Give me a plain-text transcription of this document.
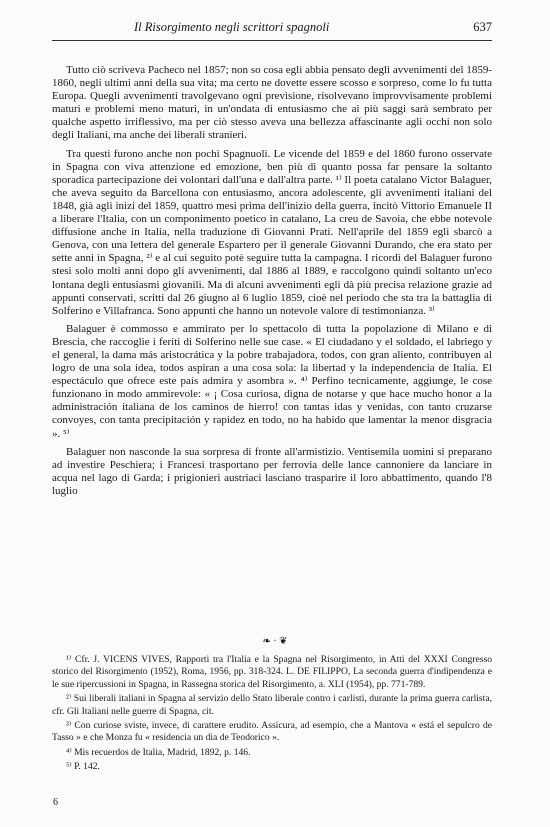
Il Risorgimento negli scrittori spagnoli	637

Tutto ciò scriveva Pacheco nel 1857; non so cosa egli abbia pensato degli avvenimenti del 1859-1860, negli ultimi anni della sua vita; ma certo ne dovette essere scosso e sorpreso, come lo fu tutta Europa. Quegli avvenimenti travolgevano ogni previsione, risolvevano improvvisamente problemi maturi e problemi meno maturi, in un'ondata di entusiasmo che ai più saggi sarà sembrato per qualche aspetto irriflessivo, ma per ciò stesso aveva una bellezza affascinante agli occhi non solo degli Italiani, ma anche dei liberali stranieri.

Tra questi furono anche non pochi Spagnuoli. Le vicende del 1859 e del 1860 furono osservate in Spagna con viva attenzione ed emozione, ben più di quanto possa far pensare la soltanto sporadica partecipazione dei volontari dall'una e dall'altra parte. ¹⁾ Il poeta catalano Victor Balaguer, che aveva seguito da Barcellona con entusiasmo, ancora adolescente, gli avvenimenti italiani del 1848, già agli inizi del 1859, quattro mesi prima dell'inizio della guerra, incitò Vittorio Emanuele II a liberare l'Italia, con un componimento poetico in catalano, La creu de Savoia, che ebbe notevole diffusione anche in Italia, nella traduzione di Giovanni Prati. Nell'aprile del 1859 egli sbarcò a Genova, con una lettera del generale Espartero per il generale Giovanni Durando, che era stato per sette anni in Spagna, ²⁾ e al cui seguito potè seguire tutta la campagna. I ricordi del Balaguer furono stesi solo molti anni dopo gli avvenimenti, dal 1886 al 1889, e raccolgono quindi soltanto un'eco lontana degli entusiasmi giovanili. Ma di alcuni avvenimenti egli dà più precisa relazione grazie ad appunti conservati, scritti dal 26 giugno al 6 luglio 1859, cioè nel periodo che sta tra la battaglia di Solferino e Villafranca. Sono appunti che hanno un notevole valore di testimonianza. ³⁾

Balaguer è commosso e ammirato per lo spettacolo di tutta la popolazione di Milano e di Brescia, che raccoglie i feriti di Solferino nelle sue case. « El ciudadano y el soldado, el labriego y el general, la dama más aristocrática y la pobre trabajadora, todos, con gran aliento, contribuyen al logro de una sola idea, todos aspiran a una cosa sola: la libertad y la independencia de Italia. El espectáculo que ofrece este país admira y asombra ». ⁴⁾ Perfino tecnicamente, aggiunge, le cose funzionano in modo ammirevole: « ¡ Cosa curiosa, digna de notarse y que hace mucho honor a la administración italiana de los caminos de hierro! con tantas idas y venidas, con tanto cruzarse convoyes, con tanta precipitación y rapidez en todo, no ha habido que lamentar la menor disgracia ». ⁵⁾

Balaguer non nasconde la sua sorpresa di fronte all'armistizio. Ventisemila uomini si preparano ad investire Peschiera; i Francesi trasportano per ferrovia delle lance cannoniere da lanciare in acqua nel lago di Garda; i prigionieri austriaci lasciano trasparire il loro abbattimento, quando l'8 luglio

❧ · ❦

¹⁾ Cfr. J. VICENS VIVES, Rapporti tra l'Italia e la Spagna nel Risorgimento, in Atti del XXXI Congresso storico del Risorgimento (1952), Roma, 1956, pp. 318-324. L. DE FILIPPO, La seconda guerra d'indipendenza e le sue ripercussioni in Spagna, in Rassegna storica del Risorgimento, a. XLI (1954), pp. 771-789.

²⁾ Sui liberali italiani in Spagna al servizio dello Stato liberale contro i carlisti, durante la prima guerra carlista, cfr. Gli Italiani nelle guerre di Spagna, cit.

³⁾ Con curiose sviste, invece, di carattere erudito. Assicura, ad esempio, che a Mantova « está el sepulcro de Tasso » e che Monza fu « residencia un dia de Teodorico ».

⁴⁾ Mis recuerdos de Italia, Madrid, 1892, p. 146.

⁵⁾ P. 142.

6
